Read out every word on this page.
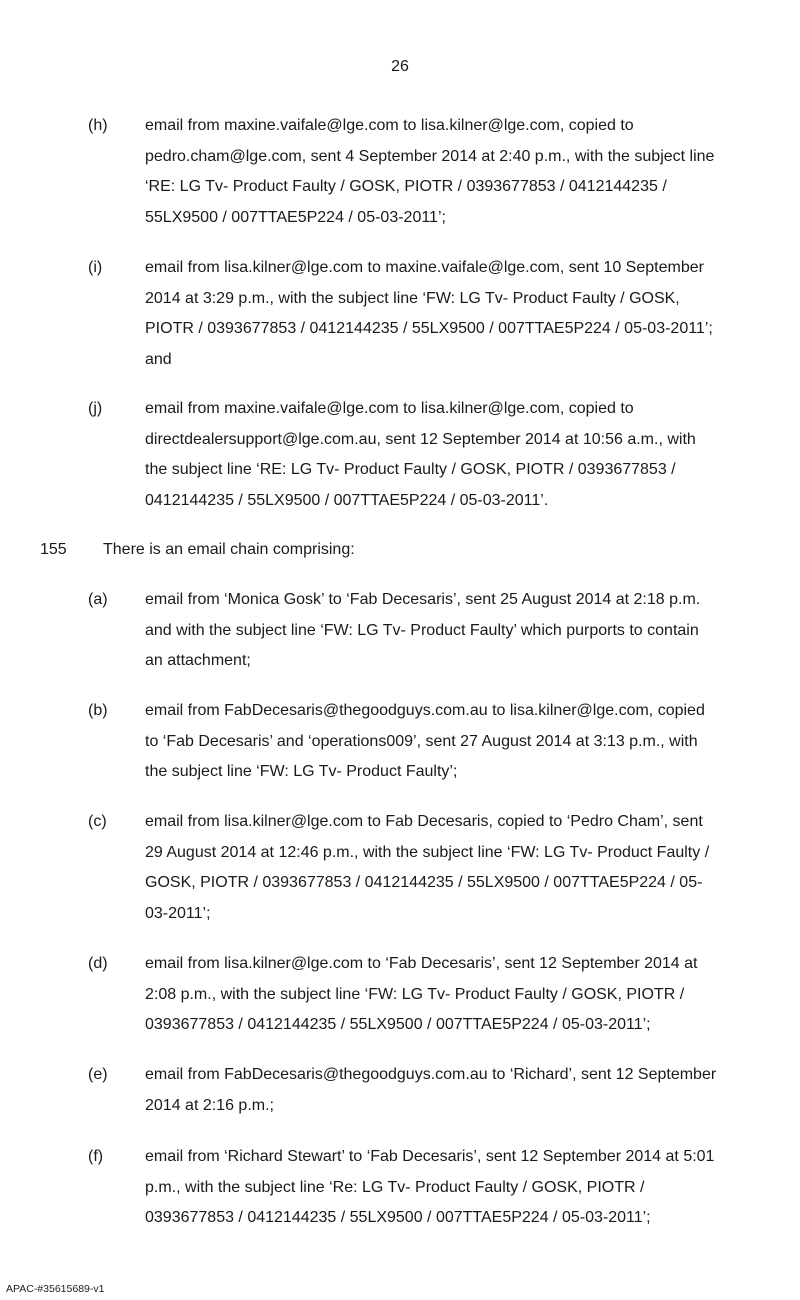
26
(h) email from maxine.vaifale@lge.com to lisa.kilner@lge.com, copied to
pedro.cham@lge.com, sent 4 September 2014 at 2:40 p.m., with the subject line
‘RE: LG Tv- Product Faulty / GOSK, PIOTR / 0393677853 / 0412144235 /
55LX9500 / 007TTAE5P224 / 05-03-2011’;
(i)	email from lisa.kilner@lge.com to maxine.vaifale@lge.com, sent 10 September
2014 at 3:29 p.m., with the subject line ‘FW: LG Tv- Product Faulty / GOSK,
PIOTR / 0393677853 / 0412144235 / 55LX9500 / 007TTAE5P224 / 05-03-2011’;
and
(j)	email from maxine.vaifale@lge.com to lisa.kilner@lge.com, copied to
directdealersupport@lge.com.au, sent 12 September 2014 at 10:56 a.m., with
the subject line ‘RE: LG Tv- Product Faulty / GOSK, PIOTR / 0393677853 /
0412144235 / 55LX9500 / 007TTAE5P224 / 05-03-2011’.
155 There is an email chain comprising:
(a) email from ‘Monica Gosk’ to ‘Fab Decesaris’, sent 25 August 2014 at 2:18 p.m.
and with the subject line ‘FW: LG Tv- Product Faulty’ which purports to contain
an attachment;
(b) email from FabDecesaris@thegoodguys.com.au to lisa.kilner@lge.com, copied
to ‘Fab Decesaris’ and ‘operations009’, sent 27 August 2014 at 3:13 p.m., with
the subject line ‘FW: LG Tv- Product Faulty’;
(c) email from lisa.kilner@lge.com to Fab Decesaris, copied to ‘Pedro Cham’, sent
29 August 2014 at 12:46 p.m., with the subject line ‘FW: LG Tv- Product Faulty /
GOSK, PIOTR / 0393677853 / 0412144235 / 55LX9500 / 007TTAE5P224 / 05-
03-2011’;
(d) email from lisa.kilner@lge.com to ‘Fab Decesaris’, sent 12 September 2014 at
2:08 p.m., with the subject line ‘FW: LG Tv- Product Faulty / GOSK, PIOTR /
0393677853 / 0412144235 / 55LX9500 / 007TTAE5P224 / 05-03-2011’;
(e) email from FabDecesaris@thegoodguys.com.au to ‘Richard’, sent 12 September
2014 at 2:16 p.m.;
(f)	email from ‘Richard Stewart’ to ‘Fab Decesaris’, sent 12 September 2014 at 5:01
p.m., with the subject line ‘Re: LG Tv- Product Faulty / GOSK, PIOTR /
0393677853 / 0412144235 / 55LX9500 / 007TTAE5P224 / 05-03-2011’;
APAC-#35615689-v1
